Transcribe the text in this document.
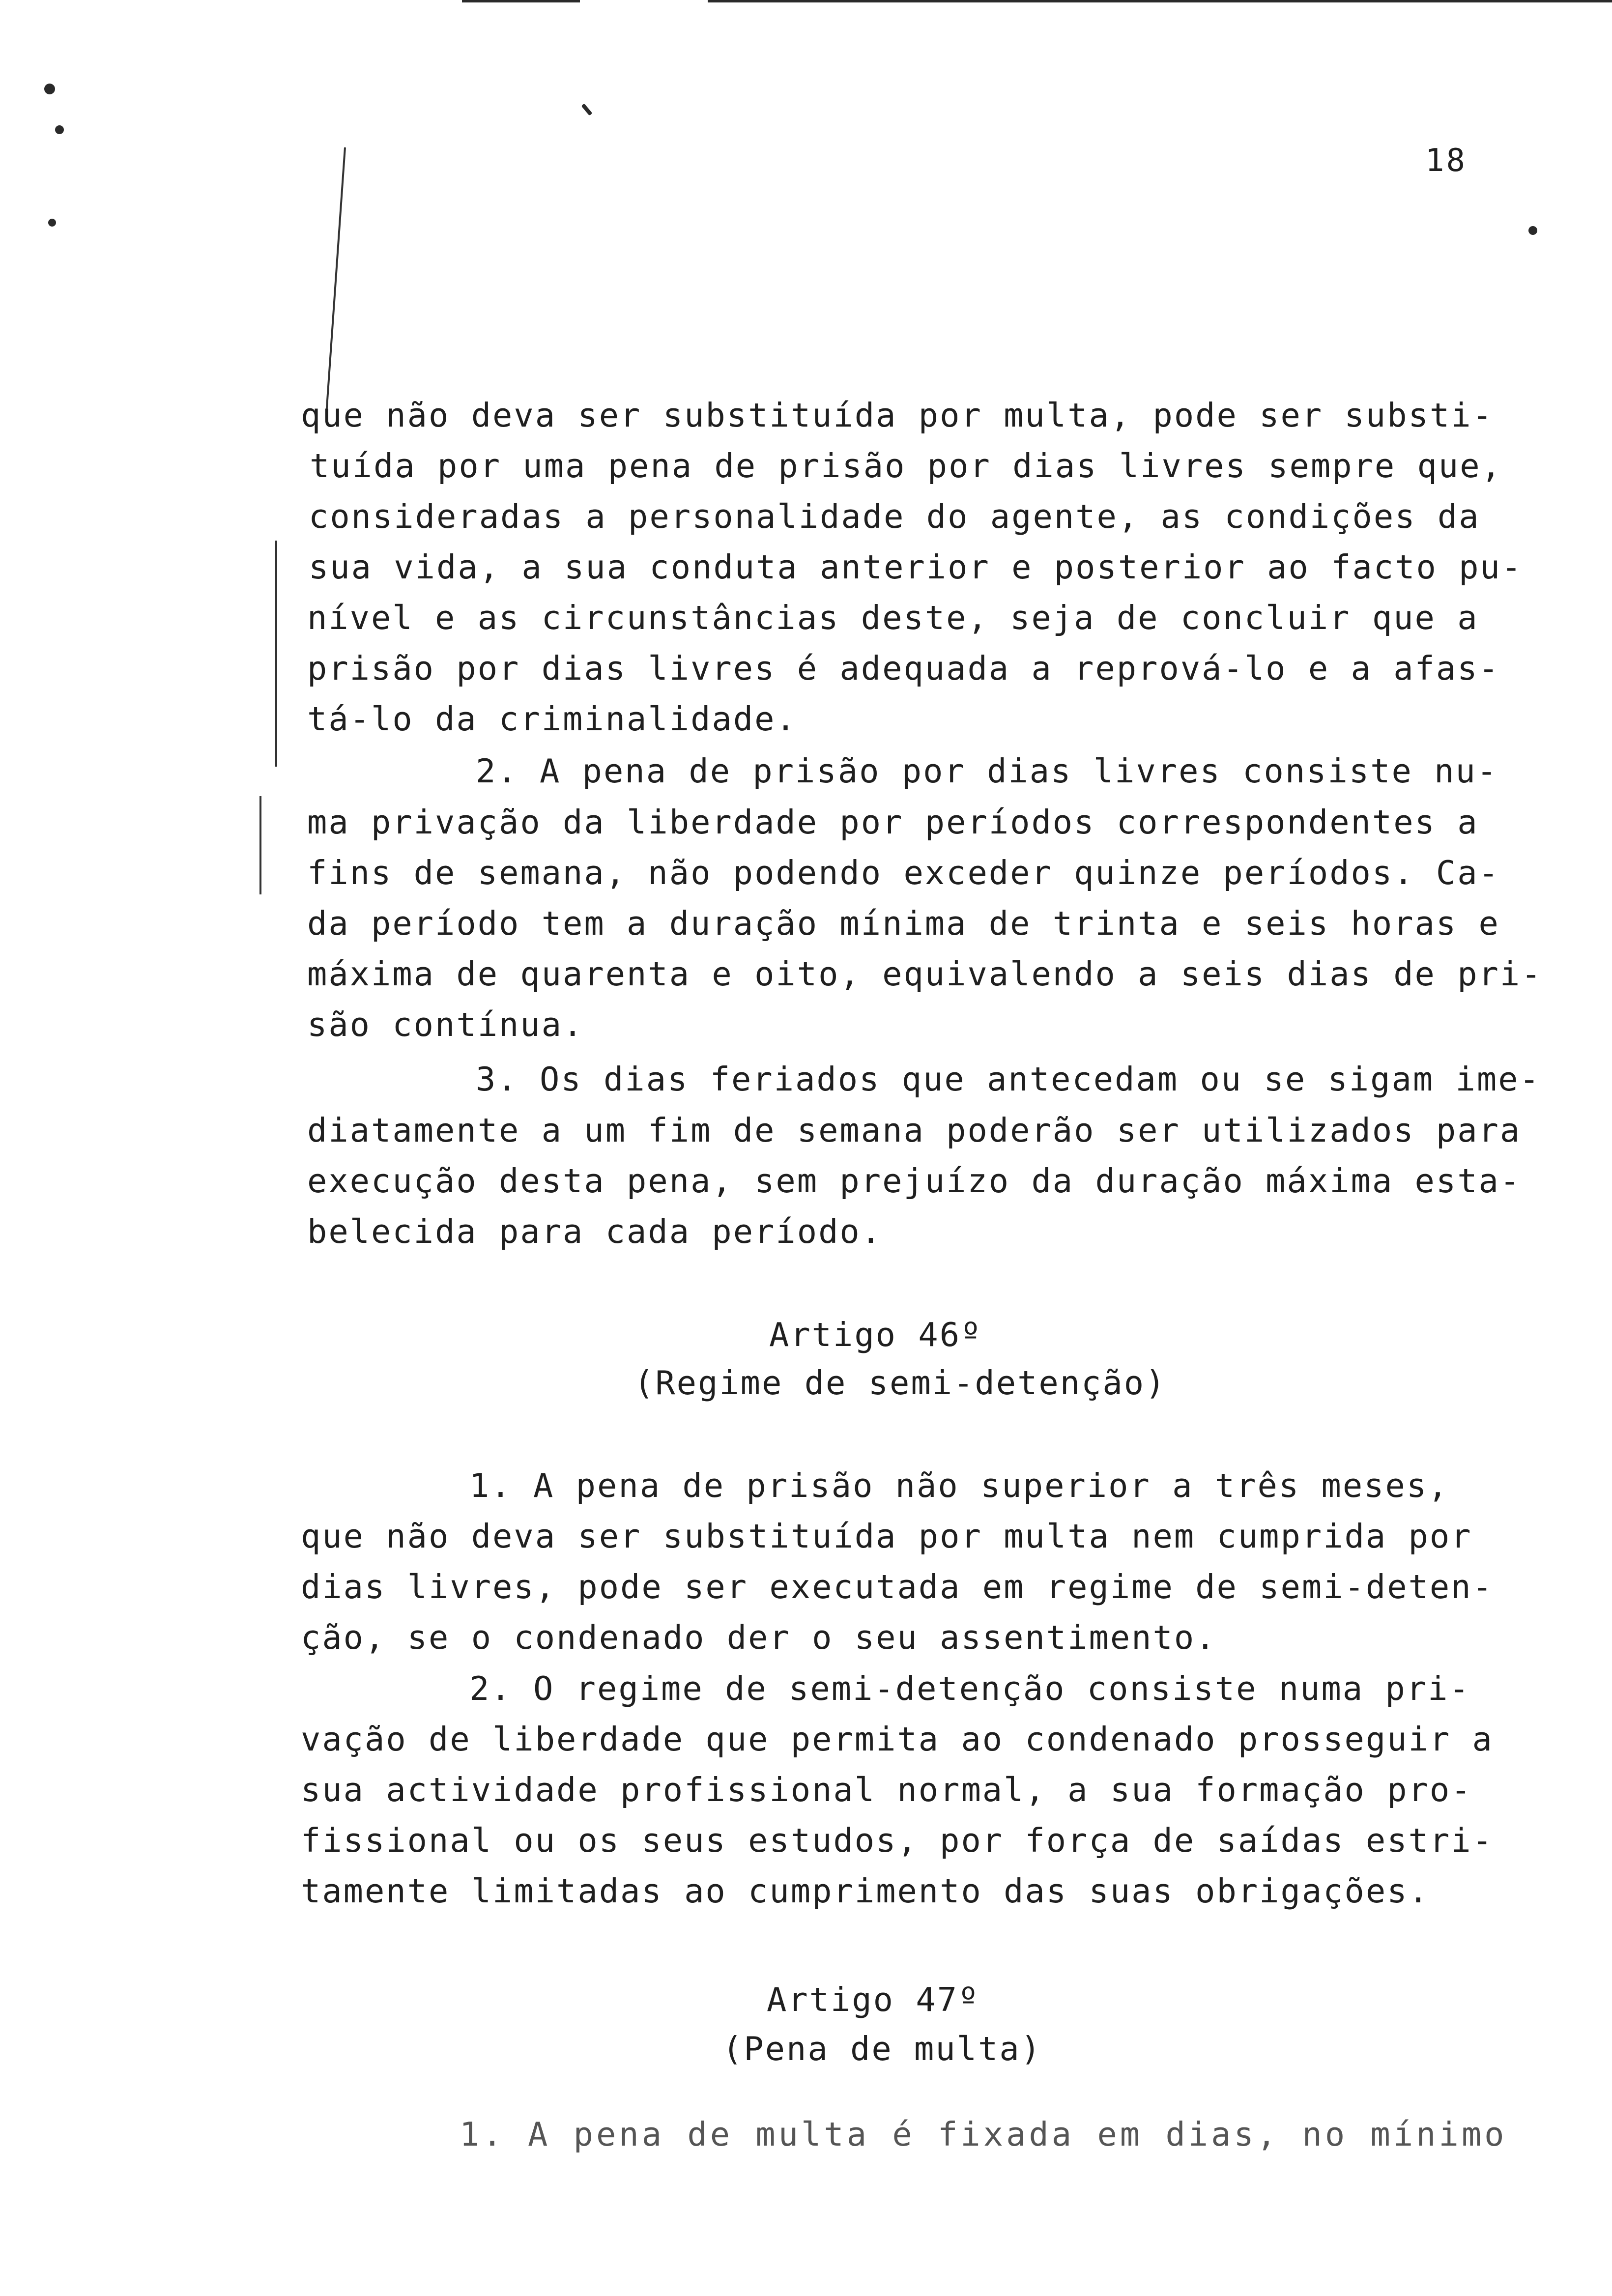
18
que não deva ser substituída por multa, pode ser substi-
tuída por uma pena de prisão por dias livres sempre que,
consideradas a personalidade do agente, as condições da
sua vida, a sua conduta anterior e posterior ao facto pu-
nível e as circunstâncias deste, seja de concluir que a
prisão por dias livres é adequada a reprová-lo e a afas-
tá-lo da criminalidade.
2. A pena de prisão por dias livres consiste nu-
ma privação da liberdade por períodos correspondentes a
fins de semana, não podendo exceder quinze períodos. Ca-
da período tem a duração mínima de trinta e seis horas e
máxima de quarenta e oito, equivalendo a seis dias de pri-
são contínua.
3. Os dias feriados que antecedam ou se sigam ime-
diatamente a um fim de semana poderão ser utilizados para
execução desta pena, sem prejuízo da duração máxima esta-
belecida para cada período.
Artigo 46º
(Regime de semi-detenção)
1. A pena de prisão não superior a três meses,
que não deva ser substituída por multa nem cumprida por
dias livres, pode ser executada em regime de semi-deten-
ção, se o condenado der o seu assentimento.
2. O regime de semi-detenção consiste numa pri-
vação de liberdade que permita ao condenado prosseguir a
sua actividade profissional normal, a sua formação pro-
fissional ou os seus estudos, por força de saídas estri-
tamente limitadas ao cumprimento das suas obrigações.
Artigo 47º
(Pena de multa)
1. A pena de multa é fixada em dias, no mínimo
